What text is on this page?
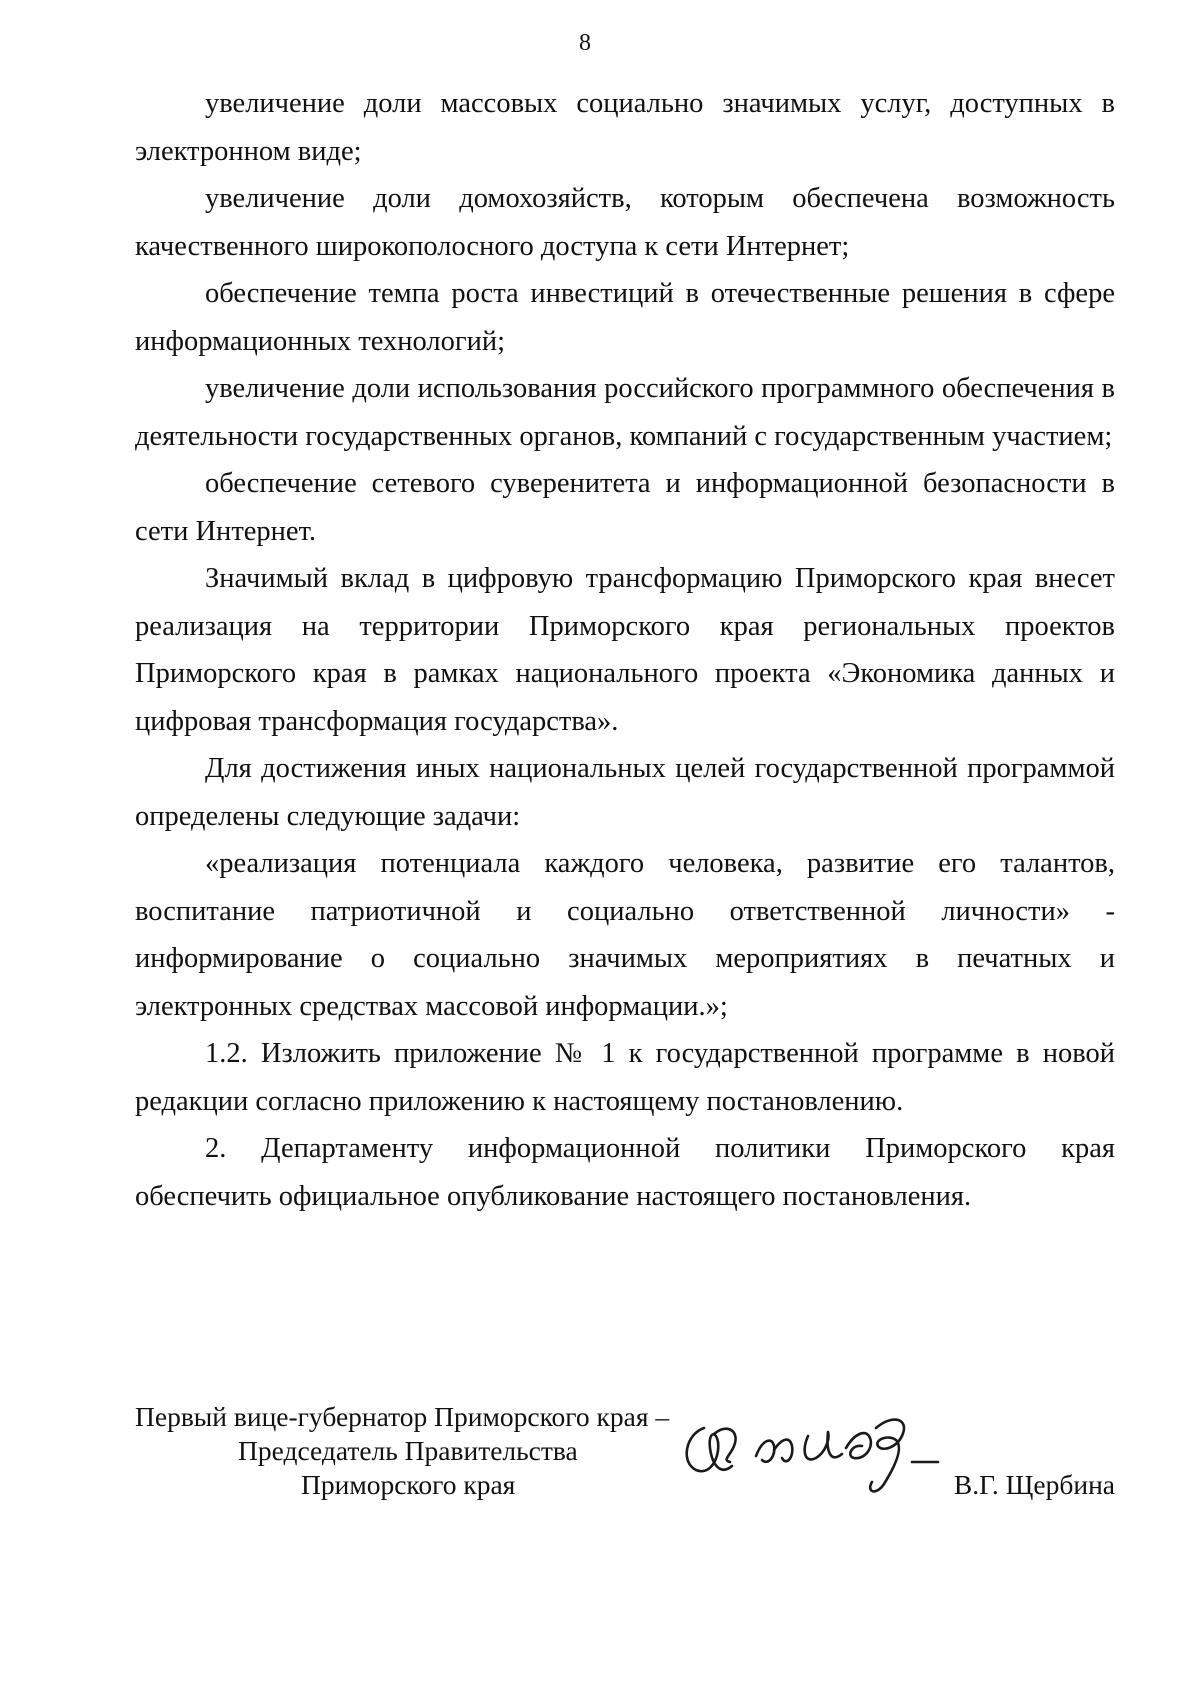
8

увеличение доли массовых социально значимых услуг, доступных в электронном виде;

увеличение доли домохозяйств, которым обеспечена возможность качественного широкополосного доступа к сети Интернет;

обеспечение темпа роста инвестиций в отечественные решения в сфере информационных технологий;

увеличение доли использования российского программного обеспечения в деятельности государственных органов, компаний с государственным участием;

обеспечение сетевого суверенитета и информационной безопасности в сети Интернет.

Значимый вклад в цифровую трансформацию Приморского края внесет реализация на территории Приморского края региональных проектов Приморского края в рамках национального проекта «Экономика данных и цифровая трансформация государства».

Для достижения иных национальных целей государственной программой определены следующие задачи:

«реализация потенциала каждого человека, развитие его талантов, воспитание патриотичной и социально ответственной личности» - информирование о социально значимых мероприятиях в печатных и электронных средствах массовой информации.»;

1.2. Изложить приложение № 1 к государственной программе в новой редакции согласно приложению к настоящему постановлению.

2. Департаменту информационной политики Приморского края обеспечить официальное опубликование настоящего постановления.

Первый вице-губернатор Приморского края –
Председатель Правительства
Приморского края	В.Г. Щербина
